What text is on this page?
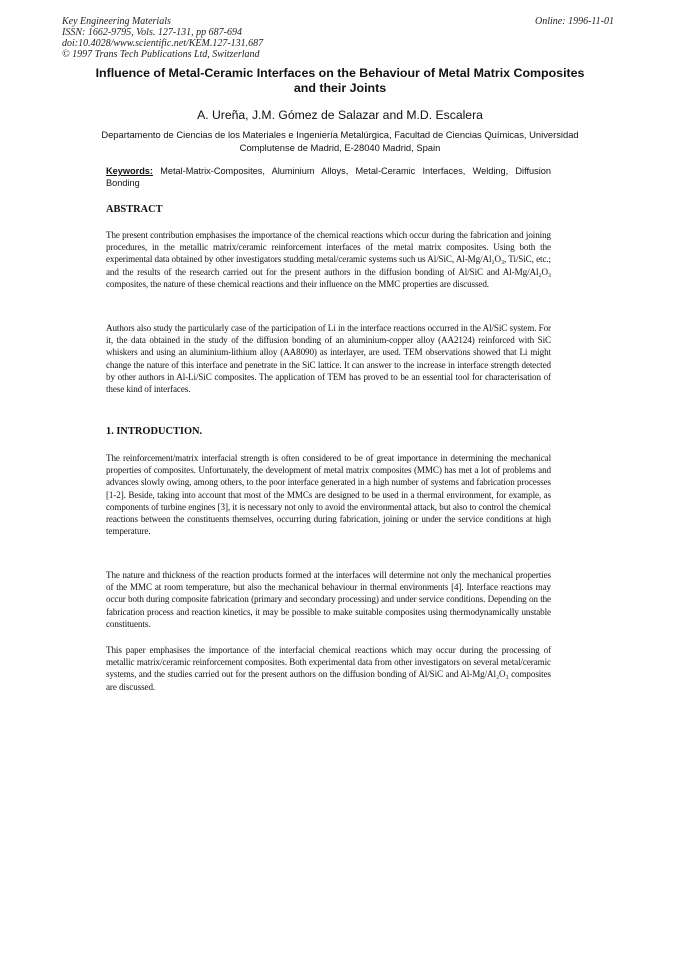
Key Engineering Materials
ISSN: 1662-9795, Vols. 127-131, pp 687-694
doi:10.4028/www.scientific.net/KEM.127-131.687
© 1997 Trans Tech Publications Ltd, Switzerland
Online: 1996-11-01
Influence of Metal-Ceramic Interfaces on the Behaviour of Metal Matrix Composites and their Joints
A. Ureña, J.M. Gómez de Salazar and M.D. Escalera
Departamento de Ciencias de los Materiales e Ingeniería Metalúrgica, Facultad de Ciencias Químicas, Universidad Complutense de Madrid, E-28040 Madrid, Spain
Keywords: Metal-Matrix-Composites, Aluminium Alloys, Metal-Ceramic Interfaces, Welding, Diffusion Bonding
ABSTRACT
The present contribution emphasises the importance of the chemical reactions which occur during the fabrication and joining procedures, in the metallic matrix/ceramic reinforcement interfaces of the metal matrix composites. Using both the experimental data obtained by other investigators studding metal/ceramic systems such us Al/SiC, Al-Mg/Al₂O₃, Ti/SiC, etc.; and the results of the research carried out for the present authors in the diffusion bonding of Al/SiC and Al-Mg/Al₂O₃ composites, the nature of these chemical reactions and their influence on the MMC properties are discussed.
Authors also study the particularly case of the participation of Li in the interface reactions occurred in the Al/SiC system. For it, the data obtained in the study of the diffusion bonding of an aluminium-copper alloy (AA2124) reinforced with SiC whiskers and using an aluminium-lithium alloy (AA8090) as interlayer, are used. TEM observations showed that Li might change the nature of this interface and penetrate in the SiC lattice. It can answer to the increase in interface strength detected by other authors in Al-Li/SiC composites. The application of TEM has proved to be an essential tool for characterisation of these kind of interfaces.
1. INTRODUCTION.
The reinforcement/matrix interfacial strength is often considered to be of great importance in determining the mechanical properties of composites. Unfortunately, the development of metal matrix composites (MMC) has met a lot of problems and advances slowly owing, among others, to the poor interface generated in a high number of systems and fabrication processes [1-2]. Beside, taking into account that most of the MMCs are designed to be used in a thermal environment, for example, as components of turbine engines [3], it is necessary not only to avoid the environmental attack, but also to control the chemical reactions between the constituents themselves, occurring during fabrication, joining or under the service conditions at high temperature.
The nature and thickness of the reaction products formed at the interfaces will determine not only the mechanical properties of the MMC at room temperature, but also the mechanical behaviour in thermal environments [4]. Interface reactions may occur both during composite fabrication (primary and secondary processing) and under service conditions. Depending on the fabrication process and reaction kinetics, it may be possible to make suitable composites using thermodynamically unstable constituents.
This paper emphasises the importance of the interfacial chemical reactions which may occur during the processing of metallic matrix/ceramic reinforcement composites. Both experimental data from other investigators on several metal/ceramic systems, and the studies carried out for the present authors on the diffusion bonding of Al/SiC and Al-Mg/Al₂O₃ composites are discussed.
